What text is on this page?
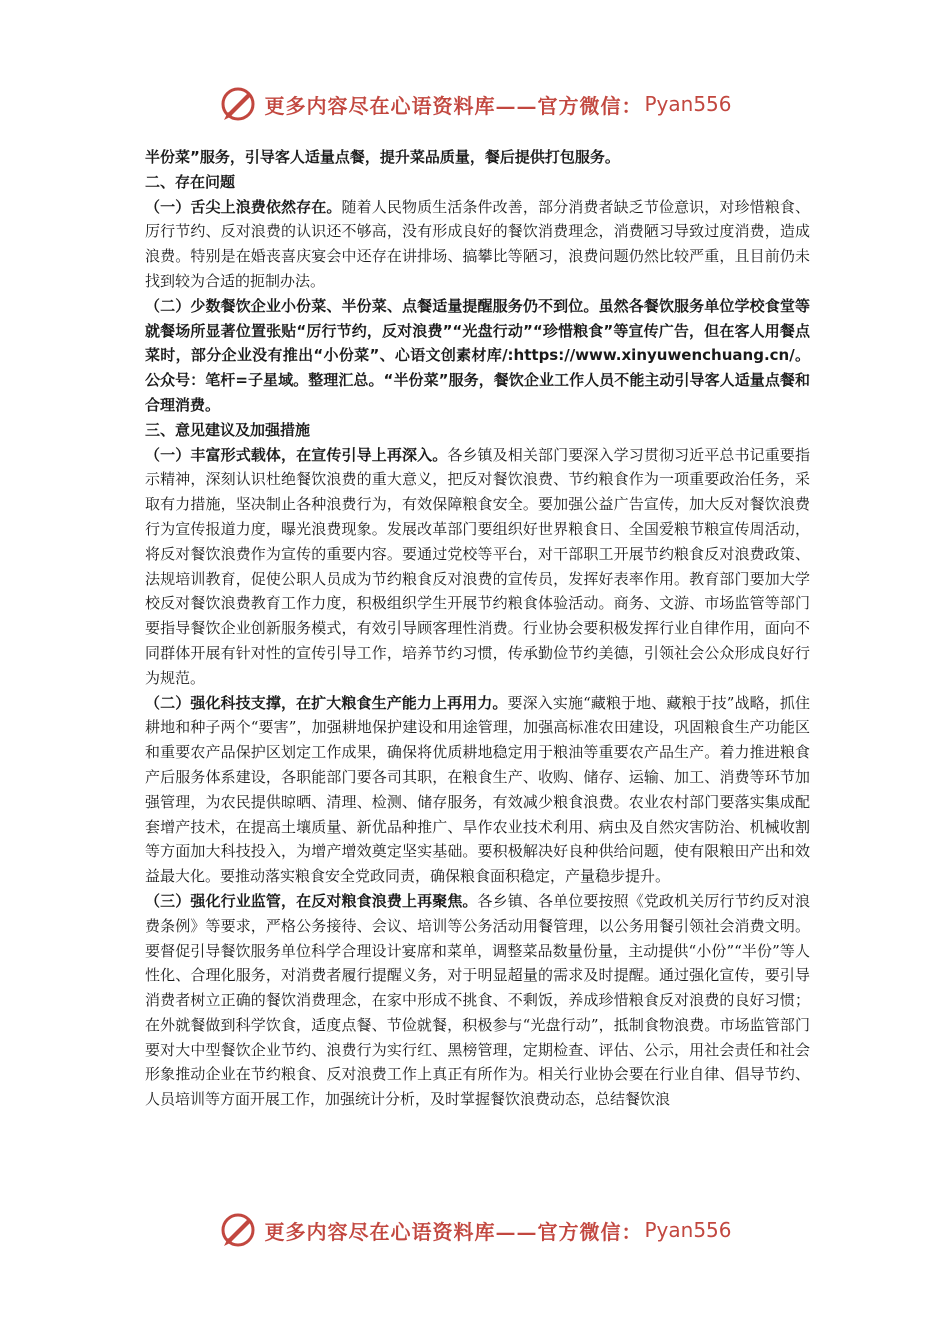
更多内容尽在心语资料库——官方微信： Pyan556

半份菜”服务，引导客人适量点餐，提升菜品质量，餐后提供打包服务。

二、存在问题

（一）舌尖上浪费依然存在。随着人民物质生活条件改善，部分消费者缺乏节俭意识，对珍惜粮食、厉行节约、反对浪费的认识还不够高，没有形成良好的餐饮消费理念，消费陋习导致过度消费，造成浪费。特别是在婚丧喜庆宴会中还存在讲排场、搞攀比等陋习，浪费问题仍然比较严重，且目前仍未找到较为合适的扼制办法。

（二）少数餐饮企业小份菜、半份菜、点餐适量提醒服务仍不到位。虽然各餐饮服务单位学校食堂等就餐场所显著位置张贴“厉行节约，反对浪费”“光盘行动”“珍惜粮食”等宣传广告，但在客人用餐点菜时，部分企业没有推出“小份菜”、心语文创素材库/:https://www.xinyuwenchuang.cn/。公众号：笔杆=子星域。整理汇总。“半份菜”服务，餐饮企业工作人员不能主动引导客人适量点餐和合理消费。

三、意见建议及加强措施

（一）丰富形式载体，在宣传引导上再深入。各乡镇及相关部门要深入学习贯彻习近平总书记重要指示精神，深刻认识杜绝餐饮浪费的重大意义，把反对餐饮浪费、节约粮食作为一项重要政治任务，采取有力措施，坚决制止各种浪费行为，有效保障粮食安全。要加强公益广告宣传，加大反对餐饮浪费行为宣传报道力度，曝光浪费现象。发展改革部门要组织好世界粮食日、全国爱粮节粮宣传周活动，将反对餐饮浪费作为宣传的重要内容。要通过党校等平台，对干部职工开展节约粮食反对浪费政策、法规培训教育，促使公职人员成为节约粮食反对浪费的宣传员，发挥好表率作用。教育部门要加大学校反对餐饮浪费教育工作力度，积极组织学生开展节约粮食体验活动。商务、文游、市场监管等部门要指导餐饮企业创新服务模式，有效引导顾客理性消费。行业协会要积极发挥行业自律作用，面向不同群体开展有针对性的宣传引导工作，培养节约习惯，传承勤俭节约美德，引领社会公众形成良好行为规范。

（二）强化科技支撑，在扩大粮食生产能力上再用力。要深入实施“藏粮于地、藏粮于技”战略，抓住耕地和种子两个“要害”，加强耕地保护建设和用途管理，加强高标准农田建设，巩固粮食生产功能区和重要农产品保护区划定工作成果，确保将优质耕地稳定用于粮油等重要农产品生产。着力推进粮食产后服务体系建设，各职能部门要各司其职，在粮食生产、收购、储存、运输、加工、消费等环节加强管理，为农民提供晾晒、清理、检测、储存服务，有效减少粮食浪费。农业农村部门要落实集成配套增产技术，在提高土壤质量、新优品种推广、旱作农业技术利用、病虫及自然灾害防治、机械收割等方面加大科技投入，为增产增效奠定坚实基础。要积极解决好良种供给问题，使有限粮田产出和效益最大化。要推动落实粮食安全党政同责，确保粮食面积稳定，产量稳步提升。

（三）强化行业监管，在反对粮食浪费上再聚焦。各乡镇、各单位要按照《党政机关厉行节约反对浪费条例》等要求，严格公务接待、会议、培训等公务活动用餐管理，以公务用餐引领社会消费文明。要督促引导餐饮服务单位科学合理设计宴席和菜单，调整菜品数量份量，主动提供“小份”“半份”等人性化、合理化服务，对消费者履行提醒义务，对于明显超量的需求及时提醒。通过强化宣传，要引导消费者树立正确的餐饮消费理念，在家中形成不挑食、不剩饭，养成珍惜粮食反对浪费的良好习惯；在外就餐做到科学饮食，适度点餐、节俭就餐，积极参与“光盘行动”，抵制食物浪费。市场监管部门要对大中型餐饮企业节约、浪费行为实行红、黑榜管理，定期检查、评估、公示，用社会责任和社会形象推动企业在节约粮食、反对浪费工作上真正有所作为。相关行业协会要在行业自律、倡导节约、人员培训等方面开展工作，加强统计分析，及时掌握餐饮浪费动态，总结餐饮浪

更多内容尽在心语资料库——官方微信： Pyan556
